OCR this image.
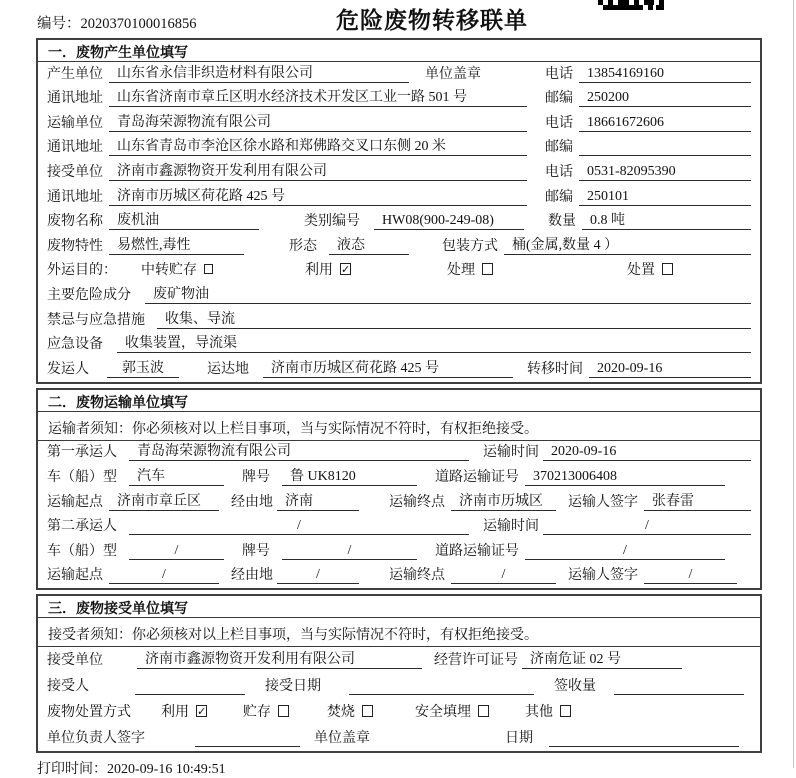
编号：2020370100016856	危险废物转移联单
一．废物产生单位填写
产生单位	山东省永信非织造材料有限公司	单位盖章	电话	13854169160
通讯地址	山东省济南市章丘区明水经济技术开发区工业一路 501 号	邮编	250200
运输单位	青岛海荣源物流有限公司	电话	18661672606
通讯地址	山东省青岛市李沧区徐水路和郑佛路交叉口东侧 20 米	邮编
接受单位	济南市鑫源物资开发利用有限公司	电话	0531-82095390
通讯地址	济南市历城区荷花路 425 号	邮编	250101
废物名称	废机油	类别编号	HW08(900-249-08)	数量	0.8 吨
废物特性	易燃性,毒性	形态	液态	包装方式	桶(金属,数量 4 ）
外运目的：	中转贮存	利用 ✓	处理	处置
主要危险成分	废矿物油
禁忌与应急措施	收集、导流
应急设备	收集装置，导流渠
发运人	郭玉波	运达地	济南市历城区荷花路 425 号	转移时间	2020-09-16
二．废物运输单位填写
运输者须知：你必须核对以上栏目事项，当与实际情况不符时，有权拒绝接受。
第一承运人	青岛海荣源物流有限公司	运输时间 2020-09-16
车（船）型	汽车	牌号	鲁 UK8120	道路运输证号	370213006408
运输起点	济南市章丘区	经由地 济南	运输终点	济南市历城区	运输人签字	张春雷
第二承运人	/	运输时间	/
车（船）型	/	牌号	/	道路运输证号	/
运输起点	/	经由地	/	运输终点	/	运输人签字	/
三．废物接受单位填写
接受者须知：你必须核对以上栏目事项，当与实际情况不符时，有权拒绝接受。
接受单位	济南市鑫源物资开发利用有限公司	经营许可证号 济南危证 02 号
接受人	接受日期	签收量
废物处置方式	利用 ✓	贮存	焚烧	安全填埋	其他
单位负责人签字	单位盖章	日期
打印时间：2020-09-16 10:49:51
